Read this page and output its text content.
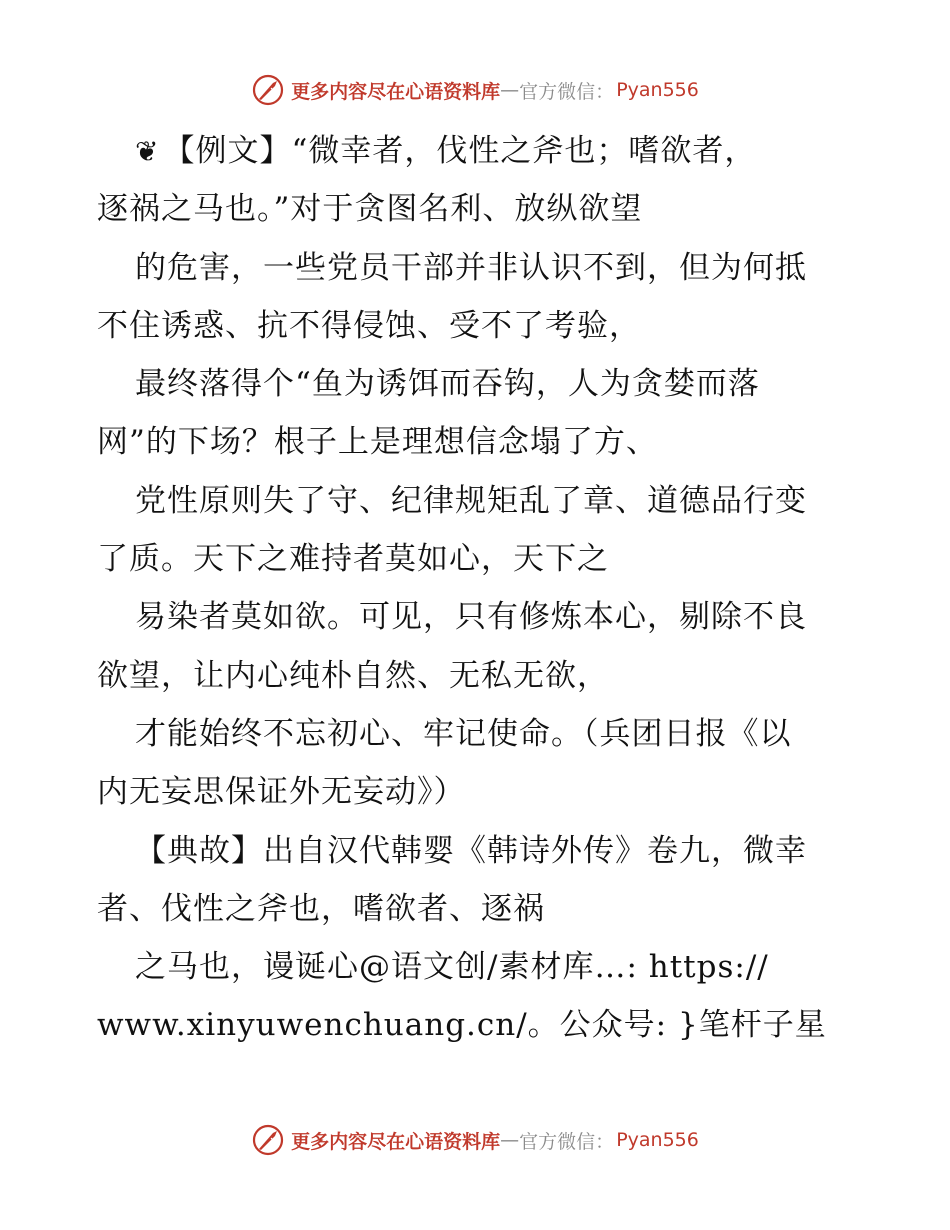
更多内容尽在心语资料库 — 官方微信： Pyan556
❦ 【例文】“微幸者，伐性之斧也；嗜欲者，
逐祸之马也。”对于贪图名利、放纵欲望
的危害，一些党员干部并非认识不到，但为何抵
不住诱惑、抗不得侵蚀、受不了考验，
最终落得个“鱼为诱饵而吞钩，人为贪婪而落
网”的下场？根子上是理想信念塌了方、
党性原则失了守、纪律规矩乱了章、道德品行变
了质。天下之难持者莫如心，天下之
易染者莫如欲。可见，只有修炼本心，剔除不良
欲望，让内心纯朴自然、无私无欲，
才能始终不忘初心、牢记使命。（兵团日报《以
内无妄思保证外无妄动》）
【典故】出自汉代韩婴《韩诗外传》卷九，微幸
者、伐性之斧也，嗜欲者、逐祸
之马也，谩诞心@语文创/素材库…: https://
www.xinyuwenchuang.cn/。公众号: }笔杆子星
更多内容尽在心语资料库 — 官方微信： Pyan556
